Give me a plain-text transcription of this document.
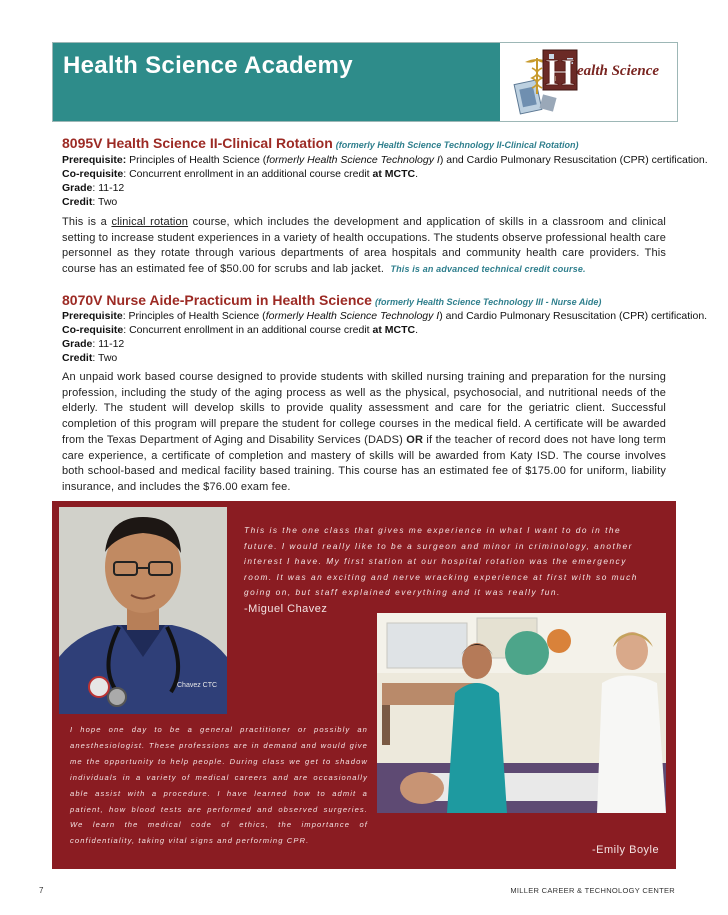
Health Science Academy	H ealth Science
8095V Health Science II-Clinical Rotation (formerly Health Science Technology II-Clinical Rotation)
Prerequisite: Principles of Health Science (formerly Health Science Technology I) and Cardio Pulmonary Resuscitation (CPR) certification.
Co-requisite: Concurrent enrollment in an additional course credit at MCTC.
Grade: 11-12
Credit: Two
This is a clinical rotation course, which includes the development and application of skills in a classroom and clinical setting to increase student experiences in a variety of health occupations. The students observe professional health care personnel as they rotate through various departments of area hospitals and community health care providers. This course has an estimated fee of $50.00 for scrubs and lab jacket. This is an advanced technical credit course.
8070V Nurse Aide-Practicum in Health Science (formerly Health Science Technology III - Nurse Aide)
Prerequisite: Principles of Health Science (formerly Health Science Technology I) and Cardio Pulmonary Resuscitation (CPR) certification.
Co-requisite: Concurrent enrollment in an additional course credit at MCTC.
Grade: 11-12
Credit: Two
An unpaid work based course designed to provide students with skilled nursing training and preparation for the nursing profession, including the study of the aging process as well as the physical, psychosocial, and nutritional needs of the elderly. The student will develop skills to provide quality assessment and care for the geriatric client. Successful completion of this program will prepare the student for college courses in the medical field. A certificate will be awarded from the Texas Department of Aging and Disability Services (DADS) OR if the teacher of record does not have long term care experience, a certificate of completion and mastery of skills will be awarded from Katy ISD. The course involves both school-based and medical facility based training. This course has an estimated fee of $175.00 for uniform, liability insurance, and includes the $76.00 exam fee.
Chavez CTC
This is the one class that gives me experience in what I want to do in the future. I would really like to be a surgeon and minor in criminology, another interest I have. My first station at our hospital rotation was the emergency room. It was an exciting and nerve wracking experience at first with so much going on, but staff explained everything and it was really fun.
-Miguel Chavez
I hope one day to be a general practitioner or possibly an anesthesiologist. These professions are in demand and would give me the opportunity to help people. During class we get to shadow individuals in a variety of medical careers and are occasionally able assist with a procedure. I have learned how to admit a patient, how blood tests are performed and observed surgeries. We learn the medical code of ethics, the importance of confidentiality, taking vital signs and performing CPR.
-Emily Boyle
7	MILLER CAREER & TECHNOLOGY CENTER
